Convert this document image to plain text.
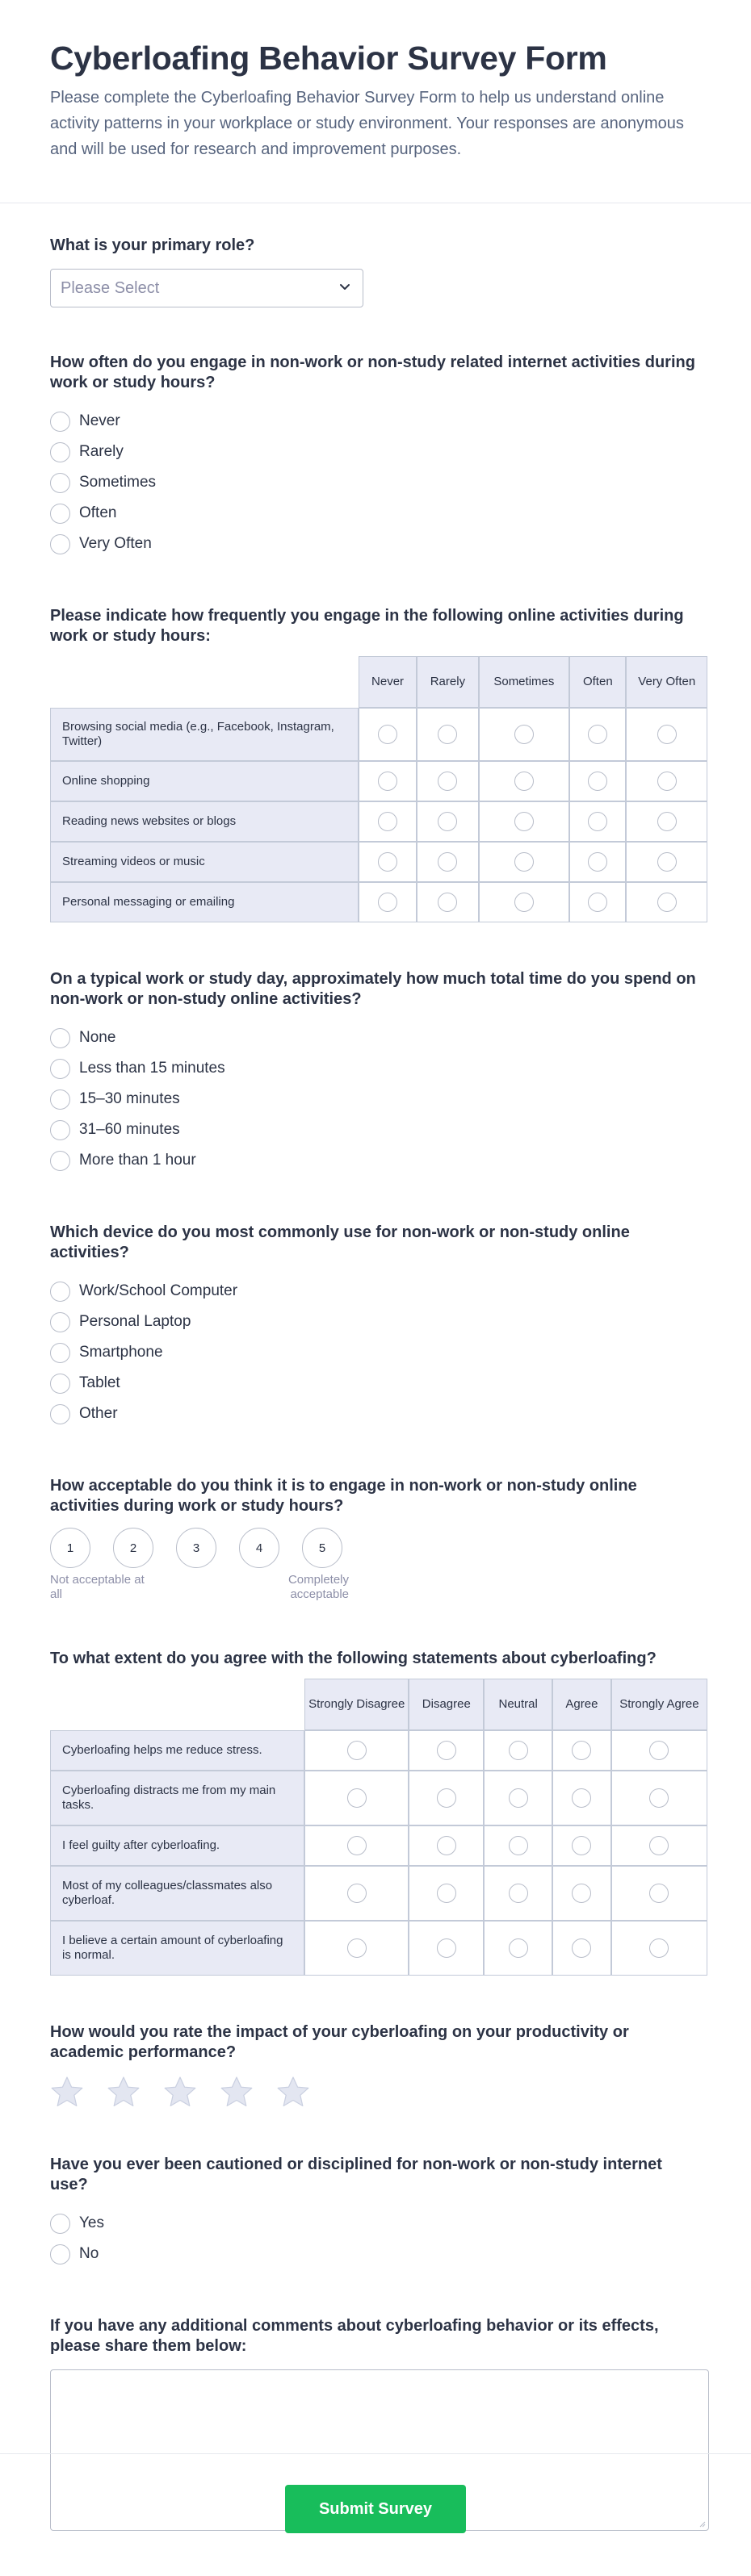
Cyberloafing Behavior Survey Form

Please complete the Cyberloafing Behavior Survey Form to help us understand online activity patterns in your workplace or study environment. Your responses are anonymous and will be used for research and improvement purposes.

What is your primary role?
Please Select
How often do you engage in non-work or non-study related internet activities during work or study hours?
Never
Rarely
Sometimes
Often
Very Often
Please indicate how frequently you engage in the following online activities during work or study hours:
	Never	Rarely	Sometimes	Often	Very Often
Browsing social media (e.g., Facebook, Instagram, Twitter)					
Online shopping					
Reading news websites or blogs					
Streaming videos or music					
Personal messaging or emailing					
On a typical work or study day, approximately how much total time do you spend on non-work or non-study online activities?
None
Less than 15 minutes
15–30 minutes
31–60 minutes
More than 1 hour
Which device do you most commonly use for non-work or non-study online activities?
Work/School Computer
Personal Laptop
Smartphone
Tablet
Other
How acceptable do you think it is to engage in non-work or non-study online activities during work or study hours?
1	2	3	4	5
Not acceptable at all
Completely acceptable
To what extent do you agree with the following statements about cyberloafing?
	Strongly Disagree	Disagree	Neutral	Agree	Strongly Agree
Cyberloafing helps me reduce stress.					
Cyberloafing distracts me from my main tasks.					
I feel guilty after cyberloafing.					
Most of my colleagues/classmates also cyberloaf.					
I believe a certain amount of cyberloafing is normal.					
How would you rate the impact of your cyberloafing on your productivity or academic performance?
Have you ever been cautioned or disciplined for non-work or non-study internet use?
Yes
No
If you have any additional comments about cyberloafing behavior or its effects, please share them below:
Submit Survey
